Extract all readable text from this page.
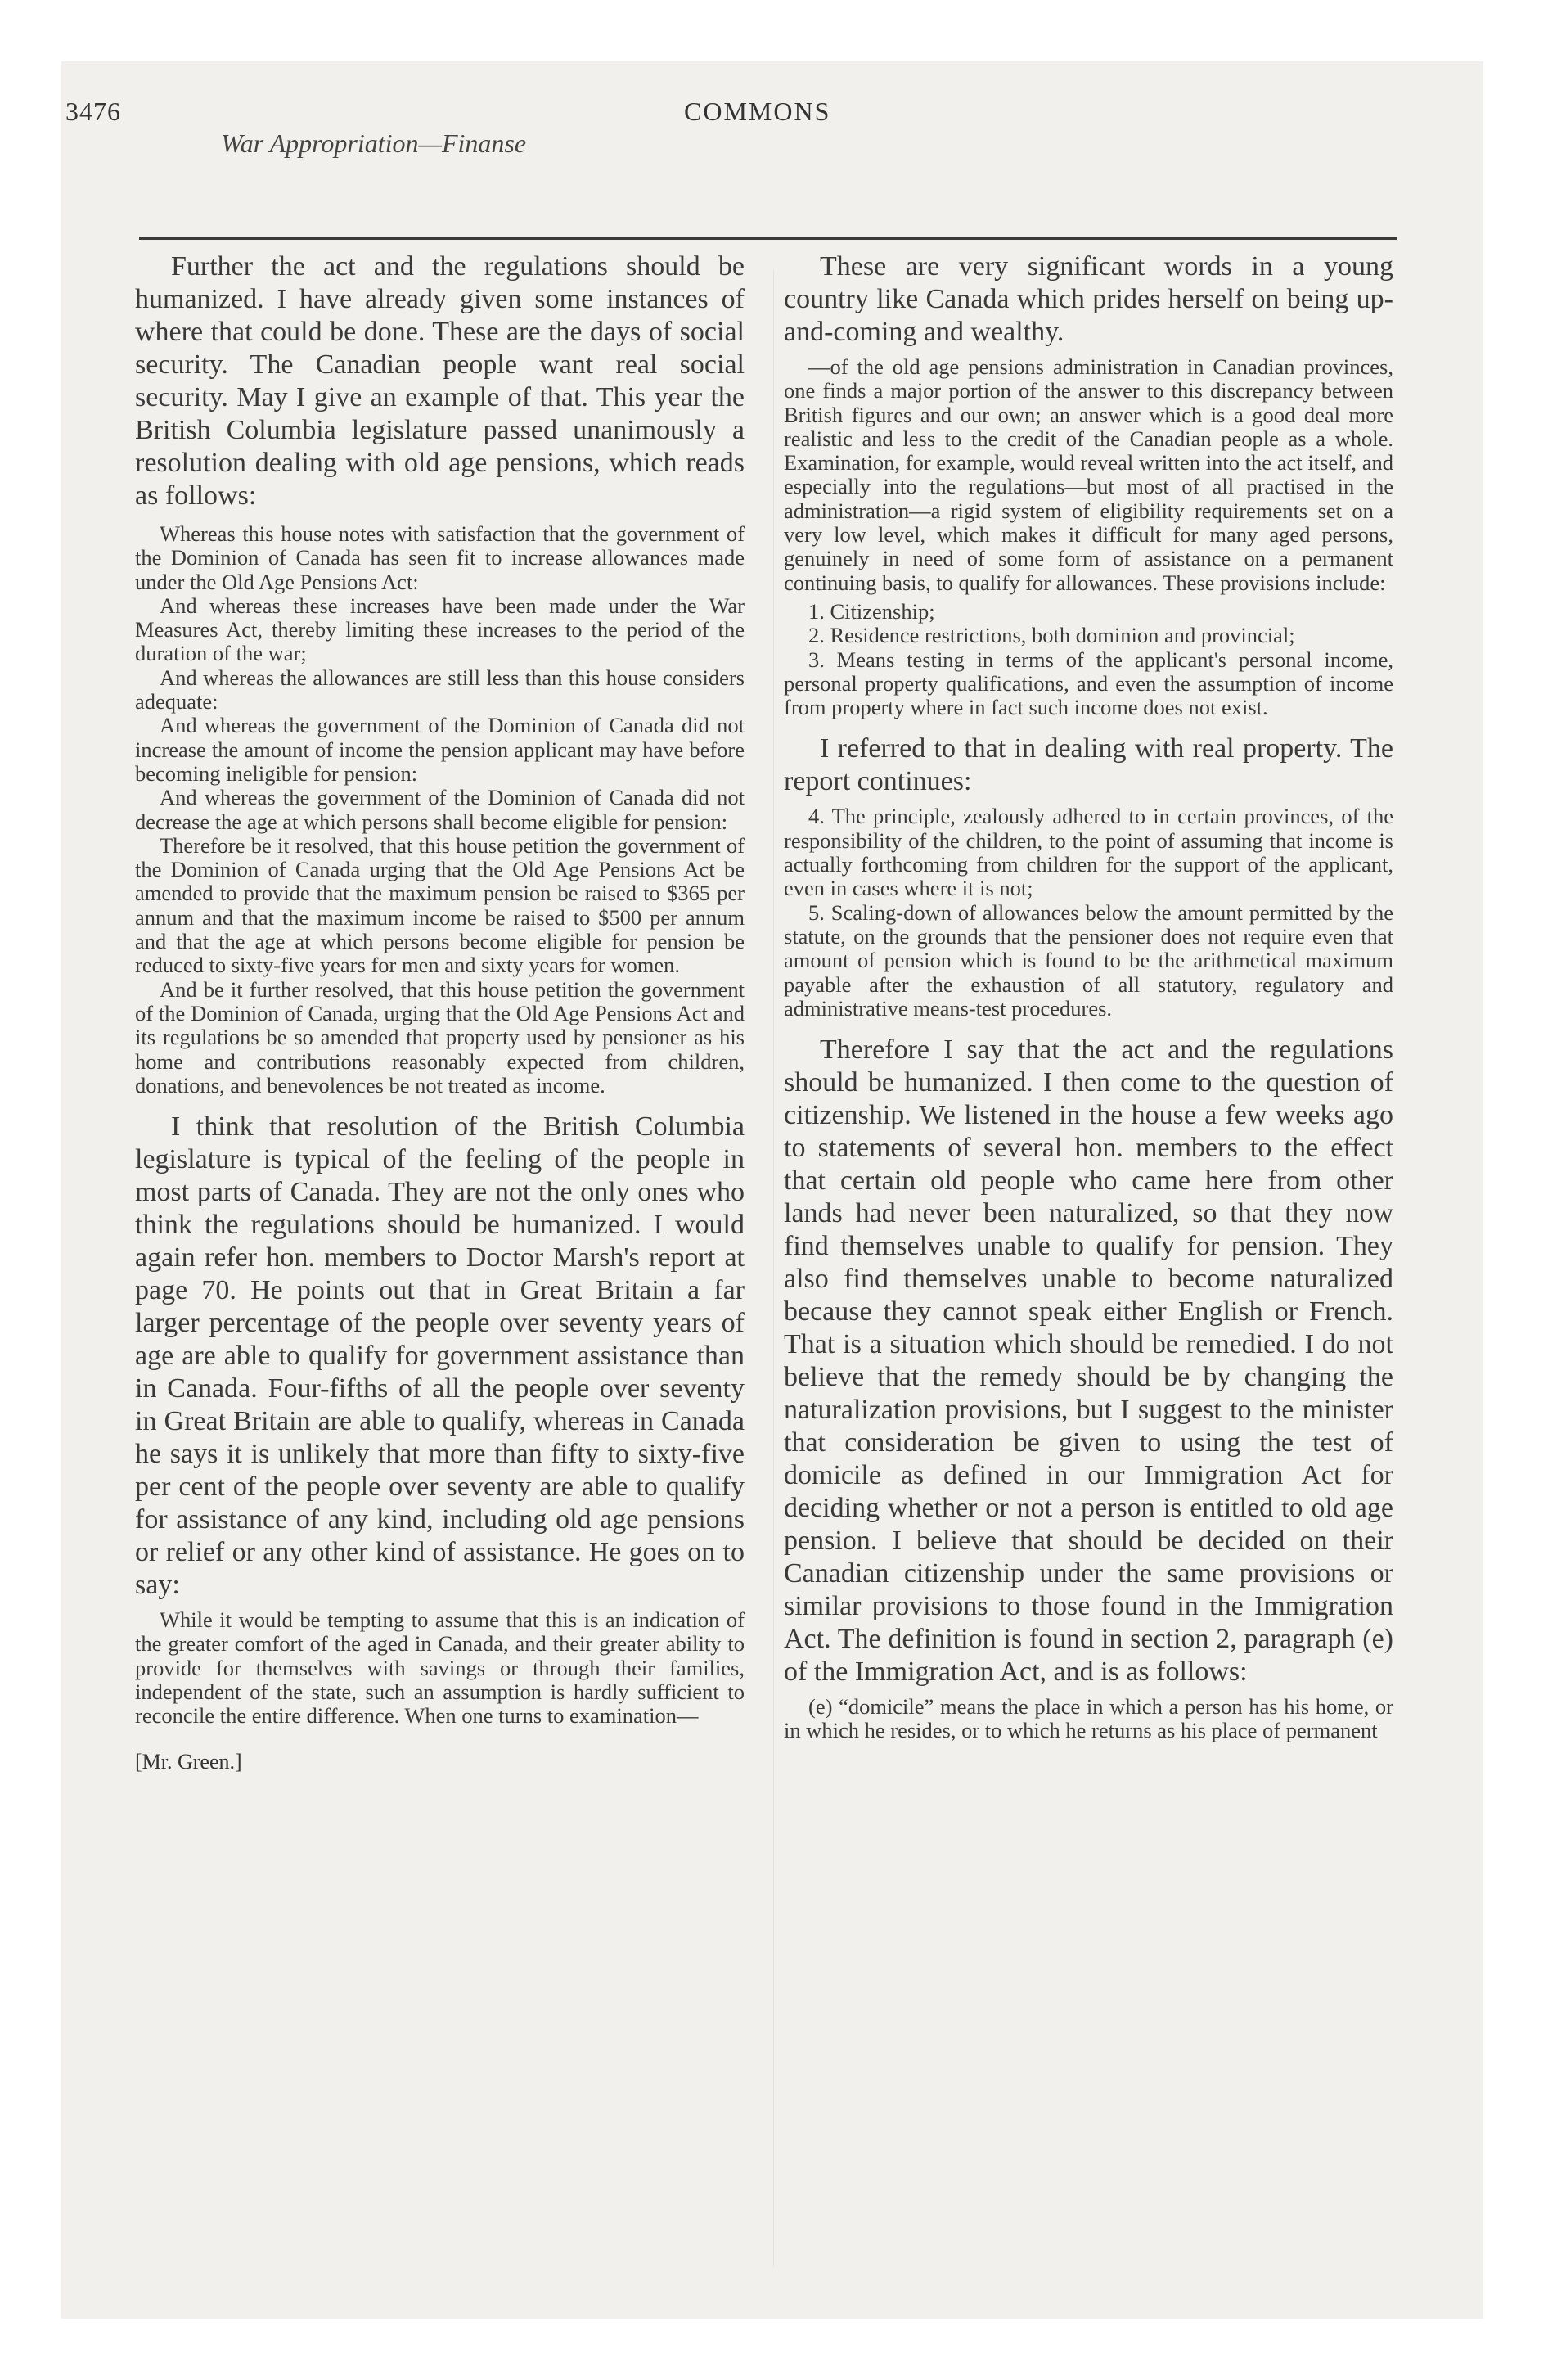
3476
War Appropriation—Finanse
COMMONS

Further the act and the regulations should be humanized. I have already given some instances of where that could be done. These are the days of social security. The Canadian people want real social security. May I give an example of that. This year the British Columbia legislature passed unanimously a resolution dealing with old age pensions, which reads as follows:

Whereas this house notes with satisfaction that the government of the Dominion of Canada has seen fit to increase allowances made under the Old Age Pensions Act:

And whereas these increases have been made under the War Measures Act, thereby limiting these increases to the period of the duration of the war;

And whereas the allowances are still less than this house considers adequate:

And whereas the government of the Dominion of Canada did not increase the amount of income the pension applicant may have before becoming ineligible for pension:

And whereas the government of the Dominion of Canada did not decrease the age at which persons shall become eligible for pension:

Therefore be it resolved, that this house petition the government of the Dominion of Canada urging that the Old Age Pensions Act be amended to provide that the maximum pension be raised to $365 per annum and that the maximum income be raised to $500 per annum and that the age at which persons become eligible for pension be reduced to sixty-five years for men and sixty years for women.

And be it further resolved, that this house petition the government of the Dominion of Canada, urging that the Old Age Pensions Act and its regulations be so amended that property used by pensioner as his home and contributions reasonably expected from children, donations, and benevolences be not treated as income.

I think that resolution of the British Columbia legislature is typical of the feeling of the people in most parts of Canada. They are not the only ones who think the regulations should be humanized. I would again refer hon. members to Doctor Marsh's report at page 70. He points out that in Great Britain a far larger percentage of the people over seventy years of age are able to qualify for government assistance than in Canada. Four-fifths of all the people over seventy in Great Britain are able to qualify, whereas in Canada he says it is unlikely that more than fifty to sixty-five per cent of the people over seventy are able to qualify for assistance of any kind, including old age pensions or relief or any other kind of assistance. He goes on to say:

While it would be tempting to assume that this is an indication of the greater comfort of the aged in Canada, and their greater ability to provide for themselves with savings or through their families, independent of the state, such an assumption is hardly sufficient to reconcile the entire difference. When one turns to examination—

[Mr. Green.]

These are very significant words in a young country like Canada which prides herself on being up-and-coming and wealthy.

—of the old age pensions administration in Canadian provinces, one finds a major portion of the answer to this discrepancy between British figures and our own; an answer which is a good deal more realistic and less to the credit of the Canadian people as a whole. Examination, for example, would reveal written into the act itself, and especially into the regulations—but most of all practised in the administration—a rigid system of eligibility requirements set on a very low level, which makes it difficult for many aged persons, genuinely in need of some form of assistance on a permanent continuing basis, to qualify for allowances. These provisions include:

1. Citizenship;

2. Residence restrictions, both dominion and provincial;

3. Means testing in terms of the applicant's personal income, personal property qualifications, and even the assumption of income from property where in fact such income does not exist.

I referred to that in dealing with real property. The report continues:

4. The principle, zealously adhered to in certain provinces, of the responsibility of the children, to the point of assuming that income is actually forthcoming from children for the support of the applicant, even in cases where it is not;

5. Scaling-down of allowances below the amount permitted by the statute, on the grounds that the pensioner does not require even that amount of pension which is found to be the arithmetical maximum payable after the exhaustion of all statutory, regulatory and administrative means-test procedures.

Therefore I say that the act and the regulations should be humanized. I then come to the question of citizenship. We listened in the house a few weeks ago to statements of several hon. members to the effect that certain old people who came here from other lands had never been naturalized, so that they now find themselves unable to qualify for pension. They also find themselves unable to become naturalized because they cannot speak either English or French. That is a situation which should be remedied. I do not believe that the remedy should be by changing the naturalization provisions, but I suggest to the minister that consideration be given to using the test of domicile as defined in our Immigration Act for deciding whether or not a person is entitled to old age pension. I believe that should be decided on their Canadian citizenship under the same provisions or similar provisions to those found in the Immigration Act. The definition is found in section 2, paragraph (e) of the Immigration Act, and is as follows:

(e) “domicile” means the place in which a person has his home, or in which he resides, or to which he returns as his place of permanent
